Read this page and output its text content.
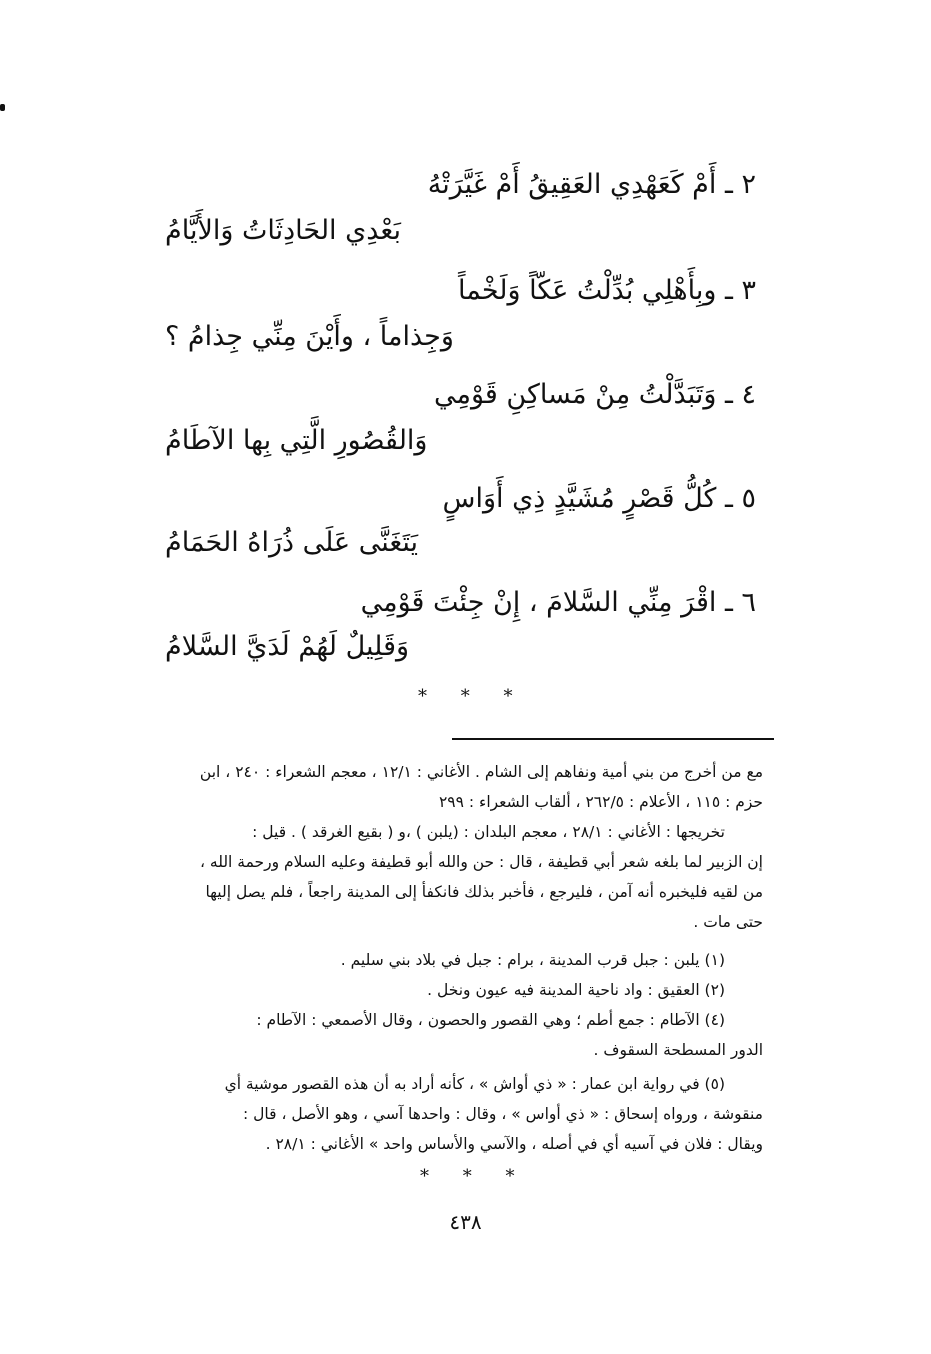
٢ ـ أَمْ كَعَهْدِي العَقِيقُ أَمْ غَيَّرَتْهُ
بَعْدِي الحَادِثَاتُ وَالأَيَّامُ
٣ ـ وبِأَهْلِي بُدِّلْتُ عَكّاً وَلَخْماً
وَجِذاماً ، وأَيْنَ مِنِّي جِذامُ ؟
٤ ـ وَتَبَدَّلْتُ مِنْ مَساكِنِ قَوْمِي
وَالقُصُورِ الَّتِي بِها الآطَامُ
٥ ـ كُلُّ قَصْرٍ مُشَيَّدٍ ذِي أَوَاسٍ
يَتَغَنَّى عَلَى ذُرَاهُ الحَمَامُ
٦ ـ اقْرَ مِنِّي السَّلامَ ، إِنْ جِئْتَ قَوْمِي
وَقَلِيلٌ لَهُمْ لَدَيَّ السَّلامُ
* * *
مع من أخرج من بني أمية ونفاهم إلى الشام . الأغاني : ١٢/١ ، معجم الشعراء : ٢٤٠ ، ابن
حزم : ١١٥ ، الأعلام : ٢٦٢/٥ ، ألقاب الشعراء : ٢٩٩
تخريجها : الأغاني : ٢٨/١ ، معجم البلدان : (يلبن ) ،و ( بقيع الغرقد ) . قيل :
إن الزبير لما بلغه شعر أبي قطيفة ، قال : حن والله أبو قطيفة وعليه السلام ورحمة الله ،
من لقيه فليخبره أنه آمن ، فليرجع ، فأخبر بذلك فانكفأ إلى المدينة راجعاً ، فلم يصل إليها
حتى مات .
(١) يلبن : جبل قرب المدينة ، برام : جبل في بلاد بني سليم .
(٢) العقيق : واد ناحية المدينة فيه عيون ونخل .
(٤) الآطام : جمع أطم ؛ وهي القصور والحصون ، وقال الأصمعي : الآطام :
الدور المسطحة السقوف .
(٥) في رواية ابن عمار : « ذي أواش » ، كأنه أراد به أن هذه القصور موشية أي
منقوشة ، ورواه إسحاق : « ذي أواس » ، وقال : واحدها آسي ، وهو الأصل ، قال :
ويقال : فلان في آسيه أي في أصله ، والآسي والأساس واحد » الأغاني : ٢٨/١ .
* * *
٤٣٨
